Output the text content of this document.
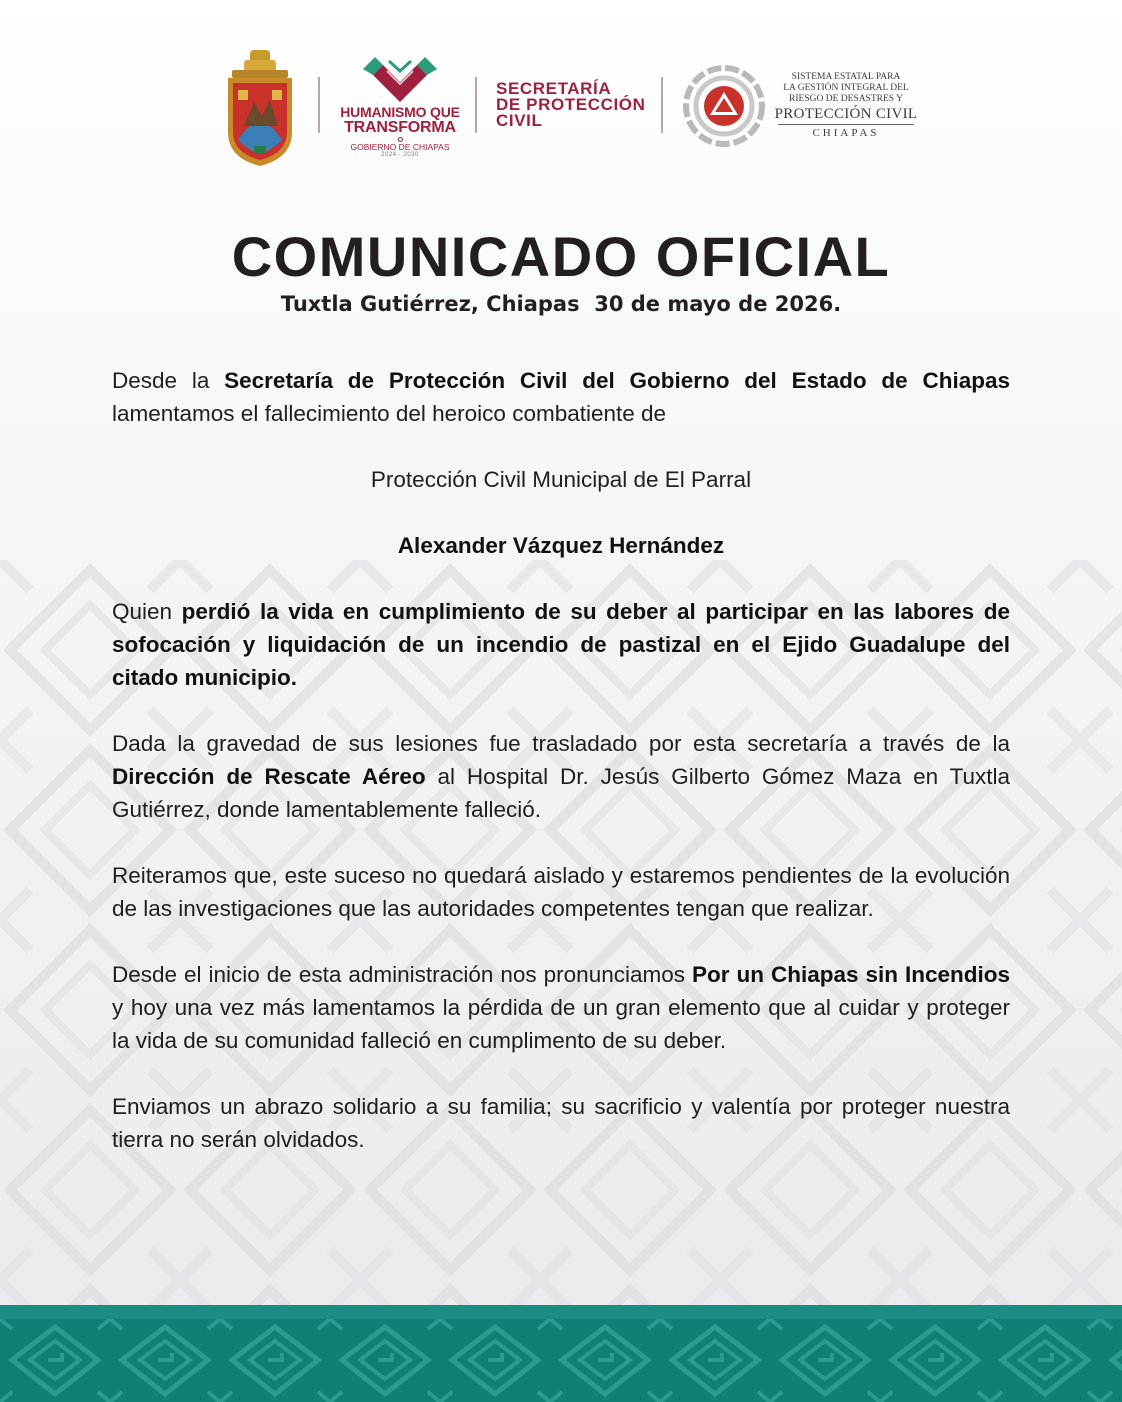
HUMANISMO QUE
TRANSFORMA
GOBIERNO DE CHIAPAS
2024 - 2030
SECRETARÍA
DE PROTECCIÓN
CIVIL
SISTEMA ESTATAL PARA
LA GESTIÓN INTEGRAL DEL
RIESGO DE DESASTRES Y
PROTECCIÓN CIVIL
CHIAPAS
COMUNICADO OFICIAL
Tuxtla Gutiérrez, Chiapas  30 de mayo de 2026.

Desde la Secretaría de Protección Civil del Gobierno del Estado de Chiapas lamentamos el fallecimiento del heroico combatiente de

Protección Civil Municipal de El Parral

Alexander Vázquez Hernández

Quien perdió la vida en cumplimiento de su deber al participar en las labores de sofocación y liquidación de un incendio de pastizal en el Ejido Guadalupe del citado municipio.

Dada la gravedad de sus lesiones fue trasladado por esta secretaría a través de la Dirección de Rescate Aéreo al Hospital Dr. Jesús Gilberto Gómez Maza en Tuxtla Gutiérrez, donde lamentablemente falleció.

Reiteramos que, este suceso no quedará aislado y estaremos pendientes de la evolución de las investigaciones que las autoridades competentes tengan que realizar.

Desde el inicio de esta administración nos pronunciamos Por un Chiapas sin Incendios y hoy una vez más lamentamos la pérdida de un gran elemento que al cuidar y proteger la vida de su comunidad falleció en cumplimento de su deber.

Enviamos un abrazo solidario a su familia; su sacrificio y valentía por proteger nuestra tierra no serán olvidados.
